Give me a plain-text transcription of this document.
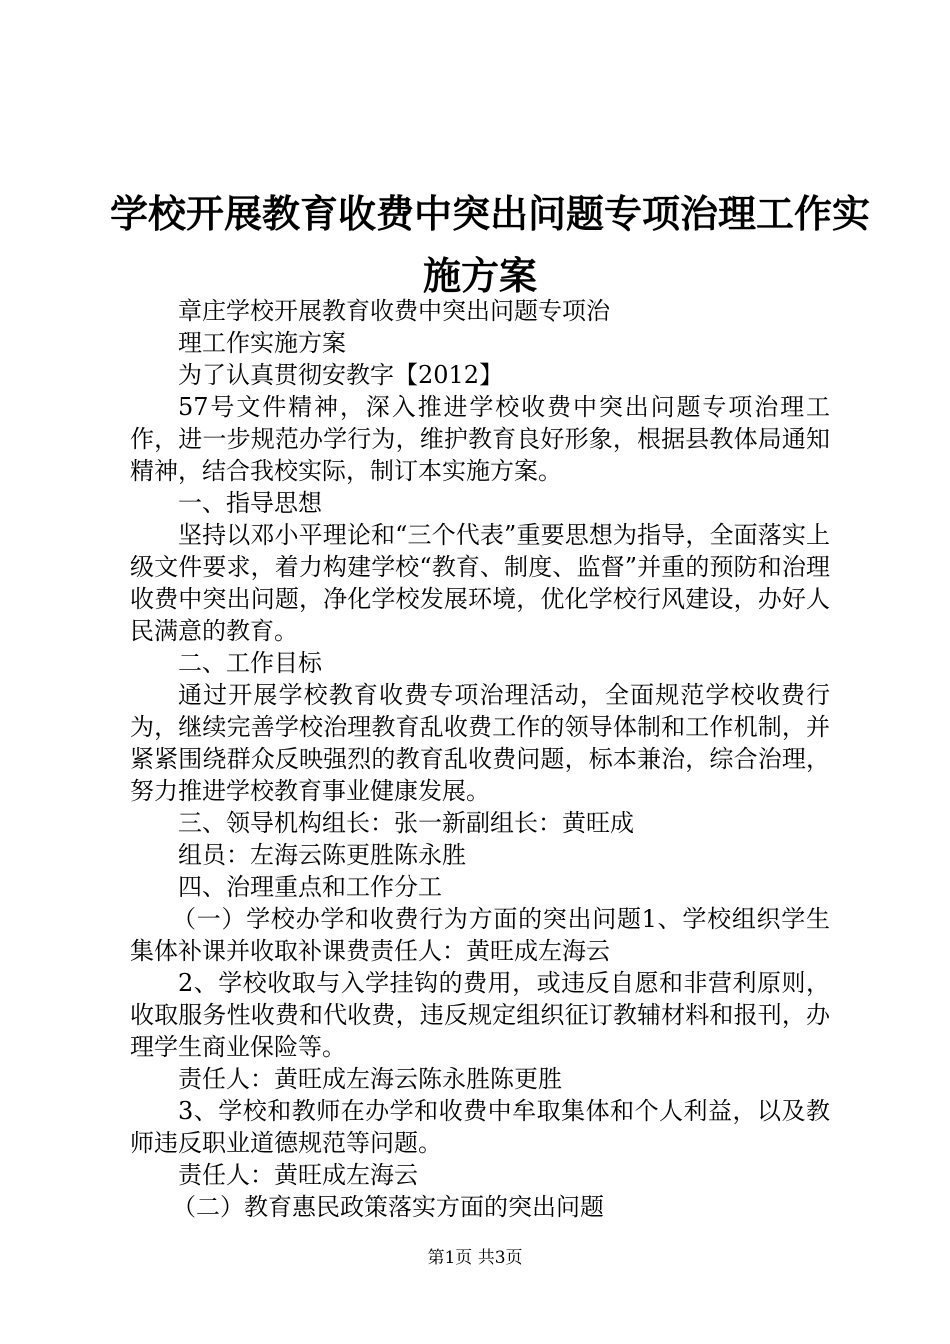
学校开展教育收费中突出问题专项治理工作实
施方案

章庄学校开展教育收费中突出问题专项治

理工作实施方案

为了认真贯彻安教字【2012】

57号文件精神，深入推进学校收费中突出问题专项治理工作，进一步规范办学行为，维护教育良好形象，根据县教体局通知精神，结合我校实际，制订本实施方案。

一、指导思想

坚持以邓小平理论和“三个代表”重要思想为指导，全面落实上级文件要求，着力构建学校“教育、制度、监督”并重的预防和治理收费中突出问题，净化学校发展环境，优化学校行风建设，办好人民满意的教育。

二、工作目标

通过开展学校教育收费专项治理活动，全面规范学校收费行为，继续完善学校治理教育乱收费工作的领导体制和工作机制，并紧紧围绕群众反映强烈的教育乱收费问题，标本兼治，综合治理，努力推进学校教育事业健康发展。

三、领导机构组长：张一新副组长：黄旺成

组员：左海云陈更胜陈永胜

四、治理重点和工作分工

（一）学校办学和收费行为方面的突出问题1、学校组织学生集体补课并收取补课费责任人：黄旺成左海云

2、学校收取与入学挂钩的费用，或违反自愿和非营利原则，收取服务性收费和代收费，违反规定组织征订教辅材料和报刊，办理学生商业保险等。

责任人：黄旺成左海云陈永胜陈更胜

3、学校和教师在办学和收费中牟取集体和个人利益，以及教师违反职业道德规范等问题。

责任人：黄旺成左海云

（二）教育惠民政策落实方面的突出问题

第1页 共3页
